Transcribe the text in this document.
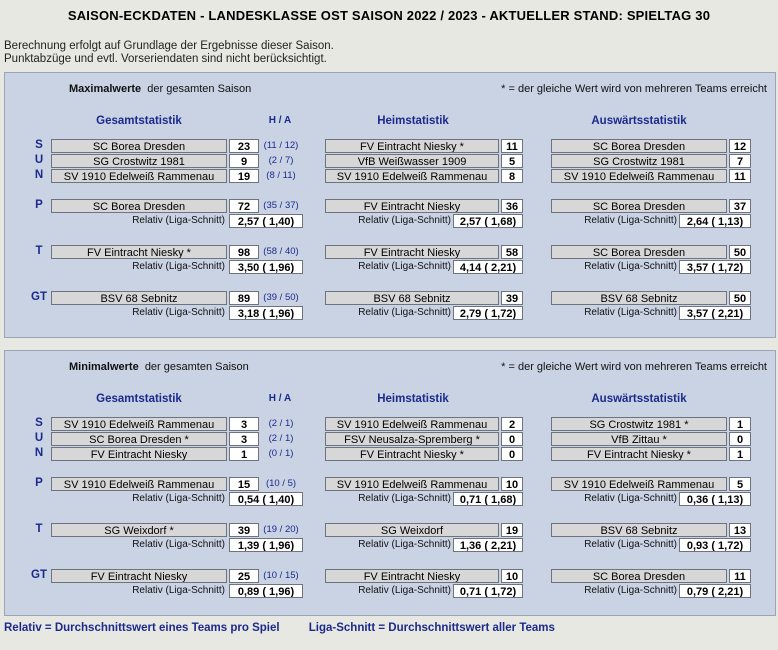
SAISON-ECKDATEN - LANDESKLASSE OST SAISON 2022 / 2023 - AKTUELLER STAND: SPIELTAG 30
Berechnung erfolgt auf Grundlage der Ergebnisse dieser Saison.
Punktabzüge und evtl. Vorseriendaten sind nicht berücksichtigt.
Maximalwerte der gesamten Saison	* = der gleiche Wert wird von mehreren Teams erreicht
Gesamtstatistik	H / A	Heimstatistik	Auswärtsstatistik
S	SC Borea Dresden	23	(11 / 12)	FV Eintracht Niesky *	11	SC Borea Dresden	12
U	SG Crostwitz 1981	9	(2 / 7)	VfB Weißwasser 1909	5	SG Crostwitz 1981	7
N	SV 1910 Edelweiß Rammenau	19	(8 / 11)	SV 1910 Edelweiß Rammenau	8	SV 1910 Edelweiß Rammenau	11
P	SC Borea Dresden	72	(35 / 37)	FV Eintracht Niesky	36	SC Borea Dresden	37
Relativ (Liga-Schnitt)	2,57 ( 1,40)	Relativ (Liga-Schnitt) 2,57 ( 1,68)	Relativ (Liga-Schnitt) 2,64 ( 1,13)
T	FV Eintracht Niesky *	98	(58 / 40)	FV Eintracht Niesky	58	SC Borea Dresden	50
Relativ (Liga-Schnitt)	3,50 ( 1,96)	Relativ (Liga-Schnitt) 4,14 ( 2,21)	Relativ (Liga-Schnitt) 3,57 ( 1,72)
GT	BSV 68 Sebnitz	89	(39 / 50)	BSV 68 Sebnitz	39	BSV 68 Sebnitz	50
Relativ (Liga-Schnitt)	3,18 ( 1,96)	Relativ (Liga-Schnitt) 2,79 ( 1,72)	Relativ (Liga-Schnitt) 3,57 ( 2,21)
Minimalwerte der gesamten Saison	* = der gleiche Wert wird von mehreren Teams erreicht
Gesamtstatistik	H / A	Heimstatistik	Auswärtsstatistik
S	SV 1910 Edelweiß Rammenau	3	(2 / 1)	SV 1910 Edelweiß Rammenau	2	SG Crostwitz 1981 *	1
U	SC Borea Dresden *	3	(2 / 1)	FSV Neusalza-Spremberg *	0	VfB Zittau *	0
N	FV Eintracht Niesky	1	(0 / 1)	FV Eintracht Niesky *	0	FV Eintracht Niesky *	1
P	SV 1910 Edelweiß Rammenau	15	(10 / 5)	SV 1910 Edelweiß Rammenau	10	SV 1910 Edelweiß Rammenau	5
Relativ (Liga-Schnitt)	0,54 ( 1,40)	Relativ (Liga-Schnitt) 0,71 ( 1,68)	Relativ (Liga-Schnitt) 0,36 ( 1,13)
T	SG Weixdorf *	39	(19 / 20)	SG Weixdorf	19	BSV 68 Sebnitz	13
Relativ (Liga-Schnitt)	1,39 ( 1,96)	Relativ (Liga-Schnitt) 1,36 ( 2,21)	Relativ (Liga-Schnitt) 0,93 ( 1,72)
GT	FV Eintracht Niesky	25	(10 / 15)	FV Eintracht Niesky	10	SC Borea Dresden	11
Relativ (Liga-Schnitt)	0,89 ( 1,96)	Relativ (Liga-Schnitt) 0,71 ( 1,72)	Relativ (Liga-Schnitt) 0,79 ( 2,21)
Relativ = Durchschnittswert eines Teams pro Spiel	Liga-Schnitt = Durchschnittswert aller Teams
